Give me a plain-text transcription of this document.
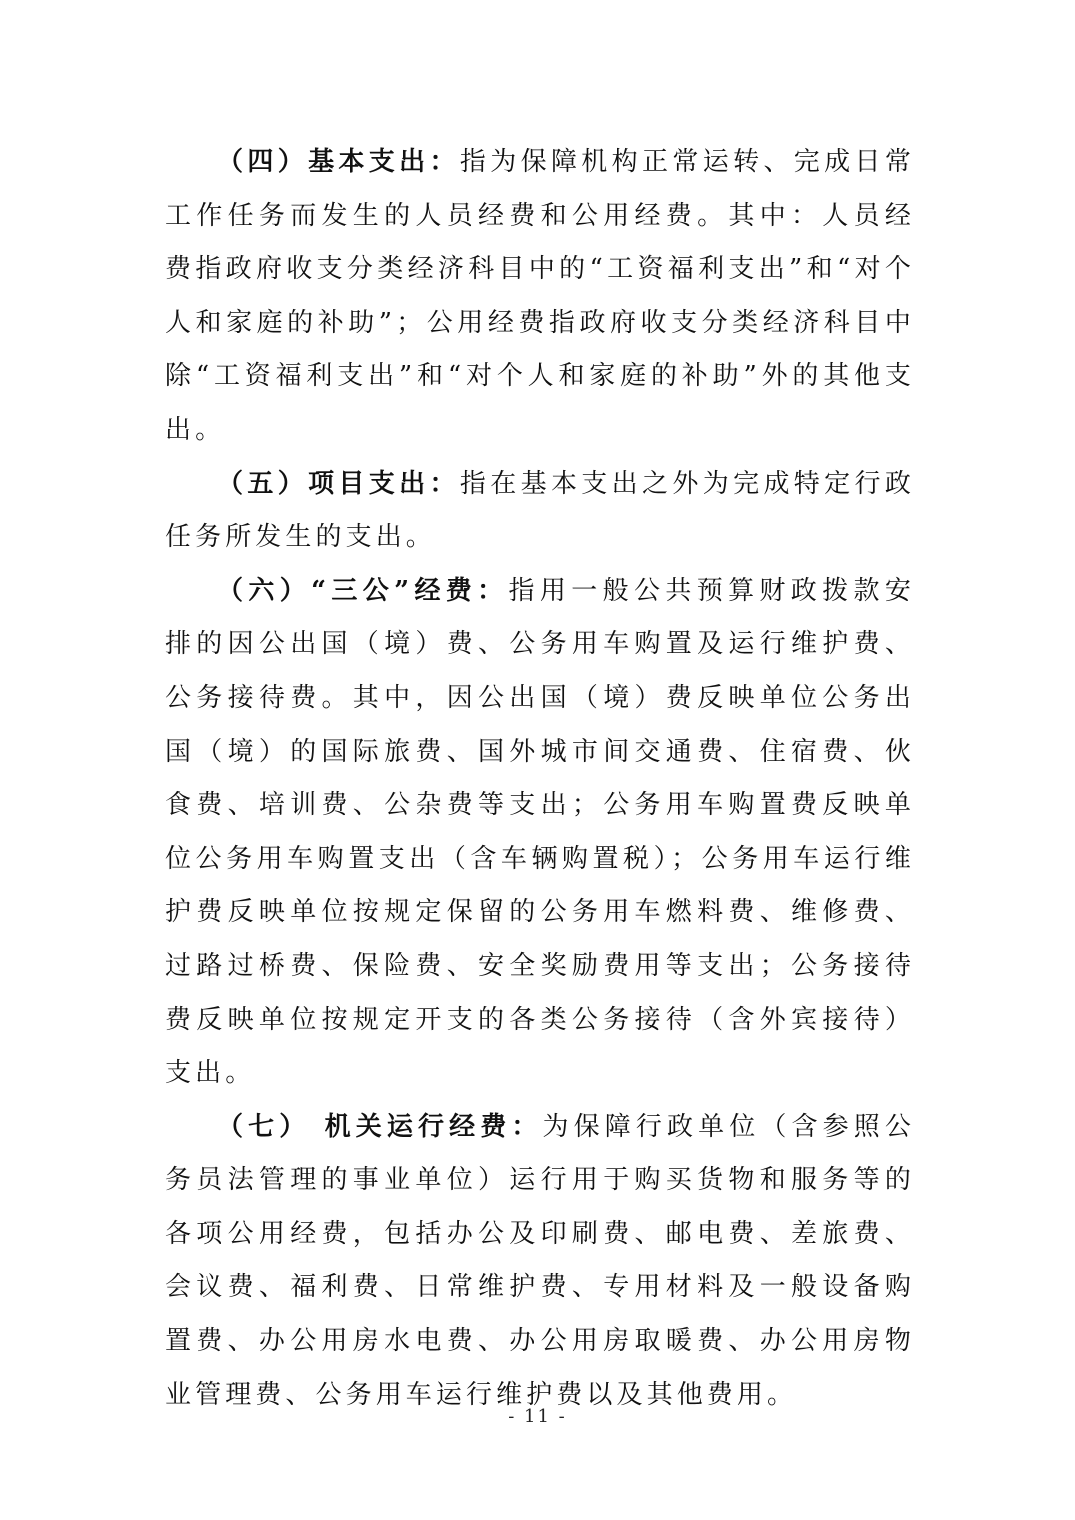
（四）基本支出：指为保障机构正常运转、完成日常工作任务而发生的人员经费和公用经费。其中：人员经费指政府收支分类经济科目中的“工资福利支出”和“对个人和家庭的补助”；公用经费指政府收支分类经济科目中除“工资福利支出”和“对个人和家庭的补助”外的其他支出。

（五）项目支出：指在基本支出之外为完成特定行政任务所发生的支出。

（六）“三公”经费：指用一般公共预算财政拨款安排的因公出国（境）费、公务用车购置及运行维护费、公务接待费。其中，因公出国（境）费反映单位公务出国（境）的国际旅费、国外城市间交通费、住宿费、伙食费、培训费、公杂费等支出；公务用车购置费反映单位公务用车购置支出（含车辆购置税）；公务用车运行维护费反映单位按规定保留的公务用车燃料费、维修费、过路过桥费、保险费、安全奖励费用等支出；公务接待费反映单位按规定开支的各类公务接待（含外宾接待）支出。

（七） 机关运行经费：为保障行政单位（含参照公务员法管理的事业单位）运行用于购买货物和服务等的各项公用经费，包括办公及印刷费、邮电费、差旅费、会议费、福利费、日常维护费、专用材料及一般设备购置费、办公用房水电费、办公用房取暖费、办公用房物业管理费、公务用车运行维护费以及其他费用。

- 11 -
